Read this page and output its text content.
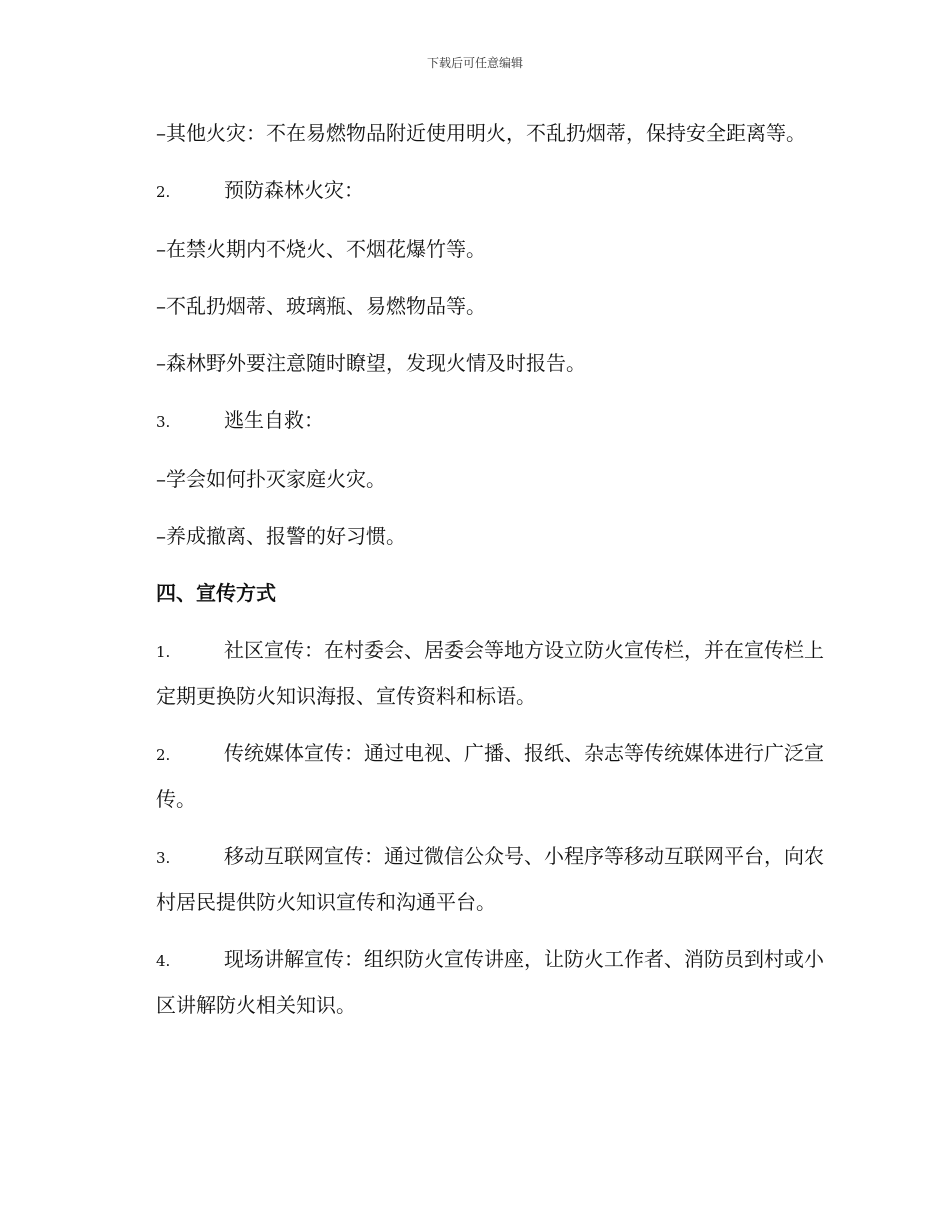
下载后可任意编辑

–其他火灾：不在易燃物品附近使用明火，不乱扔烟蒂，保持安全距离等。

2.	预防森林火灾：

–在禁火期内不烧火、不烟花爆竹等。

–不乱扔烟蒂、玻璃瓶、易燃物品等。

–森林野外要注意随时瞭望，发现火情及时报告。

3.	逃生自救：

–学会如何扑灭家庭火灾。

–养成撤离、报警的好习惯。

四、宣传方式

1.	社区宣传：在村委会、居委会等地方设立防火宣传栏，并在宣传栏上定期更换防火知识海报、宣传资料和标语。

2.	传统媒体宣传：通过电视、广播、报纸、杂志等传统媒体进行广泛宣传。

3.	移动互联网宣传：通过微信公众号、小程序等移动互联网平台，向农村居民提供防火知识宣传和沟通平台。

4.	现场讲解宣传：组织防火宣传讲座，让防火工作者、消防员到村或小区讲解防火相关知识。
